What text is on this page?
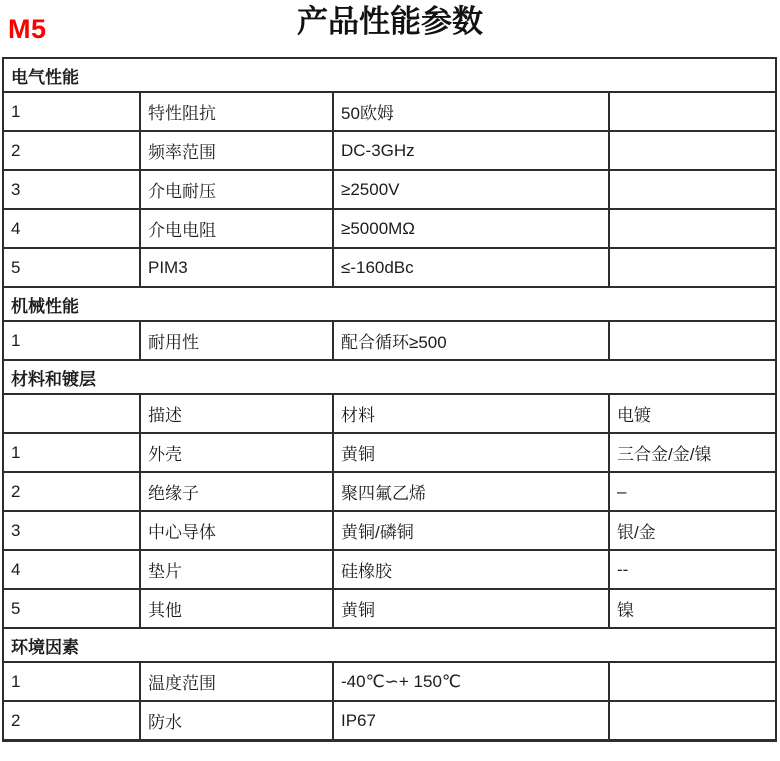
M5	产品性能参数
电气性能			
1	特性阻抗	50欧姆	
2	频率范围	DC-3GHz	
3	介电耐压	≥2500V	
4	介电电阻	≥5000MΩ	
5	PIM3	≤-160dBc	
机械性能			
1	耐用性	配合循环≥500	
材料和镀层			
	描述	材料	电镀
1	外壳	黄铜	三合金/金/镍
2	绝缘子	聚四氟乙烯	–
3	中心导体	黄铜/磷铜	银/金
4	垫片	硅橡胶	--
5	其他	黄铜	镍
环境因素			
1	温度范围	-40℃∽+ 150℃	
2	防水	IP67	
